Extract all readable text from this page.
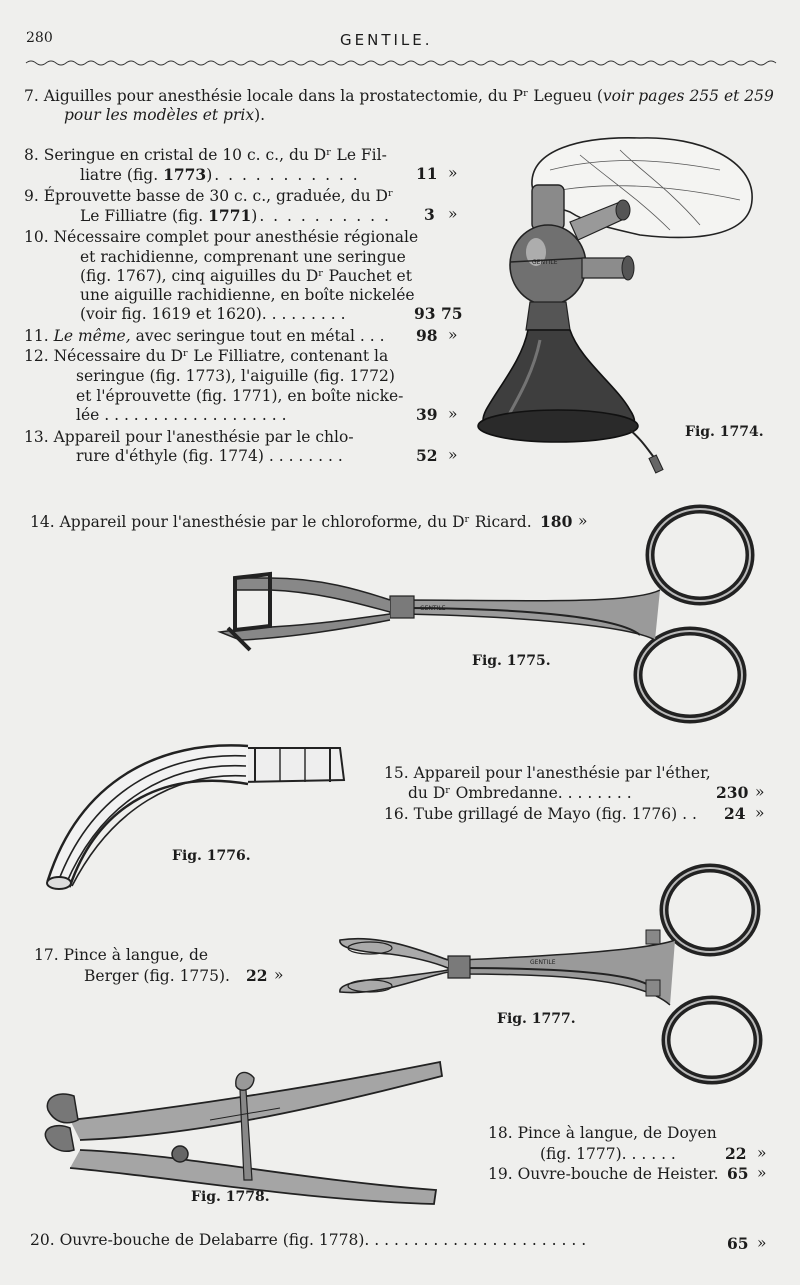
280	GENTILE.
7. Aiguilles pour anesthésie locale dans la prostatectomie, du Pʳ Legueu (voir pages 255 et 259
pour les modèles et prix).
8. Seringue en cristal de 10 c. c., du Dʳ Le Fil-
liatre (fig. 1773). . . . . . . . . . .	11 »
9. Éprouvette basse de 30 c. c., graduée, du Dʳ
Le Filliatre (fig. 1771). . . . . . . . . . 3 »
10. Nécessaire complet pour anesthésie régionale
et rachidienne, comprenant une seringue
(fig. 1767), cinq aiguilles du Dʳ Pauchet et
une aiguille rachidienne, en boîte nickelée
(voir fig. 1619 et 1620). . . . . . . . .	93 75
11. Le même, avec seringue tout en métal . . . 98 »
12. Nécessaire du Dʳ Le Filliatre, contenant la
seringue (fig. 1773), l'aiguille (fig. 1772)
et l'éprouvette (fig. 1771), en boîte nicke-
lée . . . . . . . . . . . . . . . . . . .	39 »
13. Appareil pour l'anesthésie par le chlo-
rure d'éthyle (fig. 1774) . . . . . . . .	52 »
GENTILE
Fig. 1774.
14. Appareil pour l'anesthésie par le chloroforme, du Dʳ Ricard. 180 »
GENTILE
Fig. 1775.
Fig. 1776.
15. Appareil pour l'anesthésie par l'éther,
du Dʳ Ombredanne. . . . . . . .	230 »
16. Tube grillagé de Mayo (fig. 1776) . . 24 »
17. Pince à langue, de
Berger (fig. 1775). 22 »
GENTILE
Fig. 1777.
Fig. 1778.
18. Pince à langue, de Doyen
(fig. 1777). . . . . .	22 »
19. Ouvre-bouche de Heister. 65 »
20. Ouvre-bouche de Delabarre (fig. 1778). . . . . . . . . . . . . . . . . . . . . . .	65 »
